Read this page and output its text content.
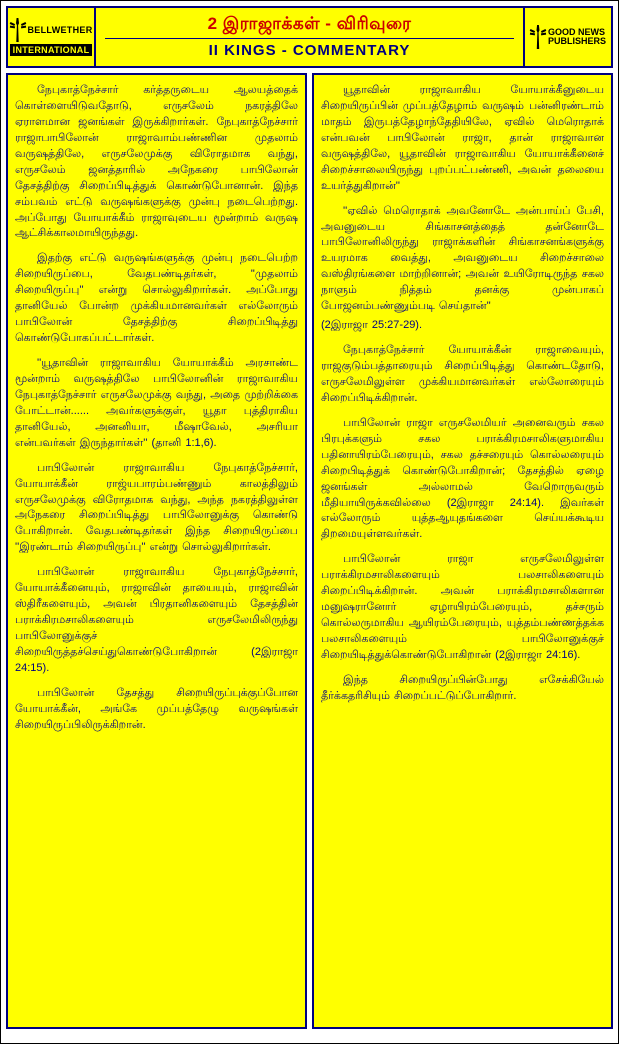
BELLWETHER
INTERNATIONAL
2 இராஜாக்கள் - விரிவுரை
II KINGS - COMMENTARY
GOOD NEWS
PUBLISHERS

நேபுகாத்நேச்சார் கர்த்தருடைய ஆலயத்தைக் கொள்ளையிடுவதோடு, எருசலேம் நகரத்திலே ஏராளமான ஜனங்கள் இருக்கிறார்கள். நேபுகாத்நேச்சார் ராஜாபாபிலோன் ராஜாவாம்பண்ணின முதலாம் வருஷத்திலே, எருசலேமுக்கு விரோதமாக வந்து, எருசலேம் ஜனத்தாரில் அநேகரை பாபிலோன் தேசத்திற்கு சிறைப்பிடித்துக் கொண்டுபோனான். இந்த சம்பவம் எட்டு வருஷங்களுக்கு முன்பு நடைபெற்றது. அப்போது யோயாக்கீம் ராஜாவுடைய மூன்றாம் வருஷ ஆட்சிக்காலமாயிருந்தது.

இதற்கு எட்டு வருஷங்களுக்கு முன்பு நடைபெற்ற சிறையிருப்பை, வேதபண்டிதர்கள், ''முதலாம் சிறையிருப்பு'' என்று சொல்லுகிறார்கள். அப்போது தானியேல் போன்ற முக்கியமானவர்கள் எல்லோரும் பாபிலோன் தேசத்திற்கு சிறைப்பிடித்து கொண்டுபோகப்பட்டார்கள்.

''யூதாவின் ராஜாவாகிய யோயாக்கீம் அரசாண்ட மூன்றாம் வருஷத்திலே பாபிலோனின் ராஜாவாகிய நேபுகாத்நேச்சார் எருசலேமுக்கு வந்து, அதை முற்றிக்கை போட்டான்...... அவர்களுக்குள், யூதா புத்திராகிய தானியேல், அனனியா, மீஷாவேல், அசரியா என்பவர்கள் இருந்தார்கள்'' (தானி 1:1,6).

பாபிலோன் ராஜாவாகிய நேபுகாத்நேச்சார், யோயாக்கீன் ராஜ்யபாரம்பண்ணும் காலத்திலும் எருசலேமுக்கு விரோதமாக வந்து, அந்த நகரத்திலுள்ள அநேகரை சிறைப்பிடித்து பாபிலோனுக்கு கொண்டு போகிறான். வேதபண்டிதர்கள் இந்த சிறையிருப்பை ''இரண்டாம் சிறையிருப்பு'' என்று சொல்லுகிறார்கள்.

பாபிலோன் ராஜாவாகிய நேபுகாத்நேச்சார், யோயாக்கீனையும், ராஜாவின் தாயையும், ராஜாவின் ஸ்திரீகளையும், அவன் பிரதானிகளையும் தேசத்தின் பராக்கிரமசாலிகளையும் எருசலேமிலிருந்து பாபிலோனுக்குச் சிறையிருத்தச்செய்துகொண்டுபோகிறான் (2இராஜா 24:15).

பாபிலோன் தேசத்து சிறையிருப்புக்குப்போன யோயாக்கீன், அங்கே முப்பத்தேழு வருஷங்கள் சிறையிருப்பிலிருக்கிறான்.

யூதாவின் ராஜாவாகிய யோயாக்கீனுடைய சிறையிருப்பின் முப்பத்தேழாம் வருஷம் பன்னிரண்டாம் மாதம் இருபத்தேழாந்தேதியிலே, ஏவில் மெரொதாக் என்பவன் பாபிலோன் ராஜா, தான் ராஜாவான வருஷத்திலே, யூதாவின் ராஜாவாகிய யோயாக்கீனைச் சிறைச்சாலையிருந்து புறப்பட்பண்ணி, அவன் தலையை உயர்த்துகிறான்''

''ஏவில் மெரொதாக் அவனோடே அன்பாய்ப் பேசி, அவனுடைய சிங்காசனத்தைத் தன்னோடே பாபிலோனிலிருந்து ராஜாக்களின் சிங்காசனங்களுக்கு உயரமாக வைத்து, அவனுடைய சிறைச்சாலை வஸ்திரங்களை மாற்றினான்; அவன் உயிரோடிருந்த சகல நாளும் நித்தம் தனக்கு முன்பாகப் போஜனம்பண்ணும்படி செய்தான்''

(2இராஜா 25:27-29).

நேபுகாத்நேச்சார் யோயாக்கீன் ராஜாவையும், ராஜகுடும்பத்தாரையும் சிறைப்பிடித்து கொண்டதோடு, எருசலேமிலுள்ள முக்கியமானவர்கள் எல்லோரையும் சிறைப்பிடிக்கிறான்.

பாபிலோன் ராஜா எருசலேமியர் அனைவரும் சகல பிரபுக்களும் சகல பராக்கிரமசாலிகளுமாகிய பதினாயிரம்பேரையும், சகல தச்சரையும் கொல்லரையும் சிறைபிடித்துக் கொண்டுபோகிறான்; தேசத்தில் ஏழை ஜனங்கள் அல்லாமல் வேறொருவரும் மீதியாயிருக்கவில்லை (2இராஜா 24:14). இவர்கள் எல்லோரும் யுத்தஆயுதங்களை செய்யக்கூடிய திறமையுள்ளவர்கள்.

பாபிலோன் ராஜா எருசலேமிலுள்ள பராக்கிரமசாலிகளையும் பலசாலிகளையும் சிறைப்பிடிக்கிறான். அவன் பராக்கிரமசாலிகளான மனுஷரானோர் ஏழாயிரம்பேரையும், தச்சரும் கொல்லருமாகிய ஆயிரம்பேரையும், யுத்தம்பண்ணத்தக்க பலசாலிகளையும் பாபிலோனுக்குச் சிறையிடித்துக்கொண்டுபோகிறான் (2இராஜா 24:16).

இந்த சிறையிருப்பின்போது எசேக்கியேல் தீர்க்கதரிசியும் சிறைப்பட்டுப்போகிறார்.
